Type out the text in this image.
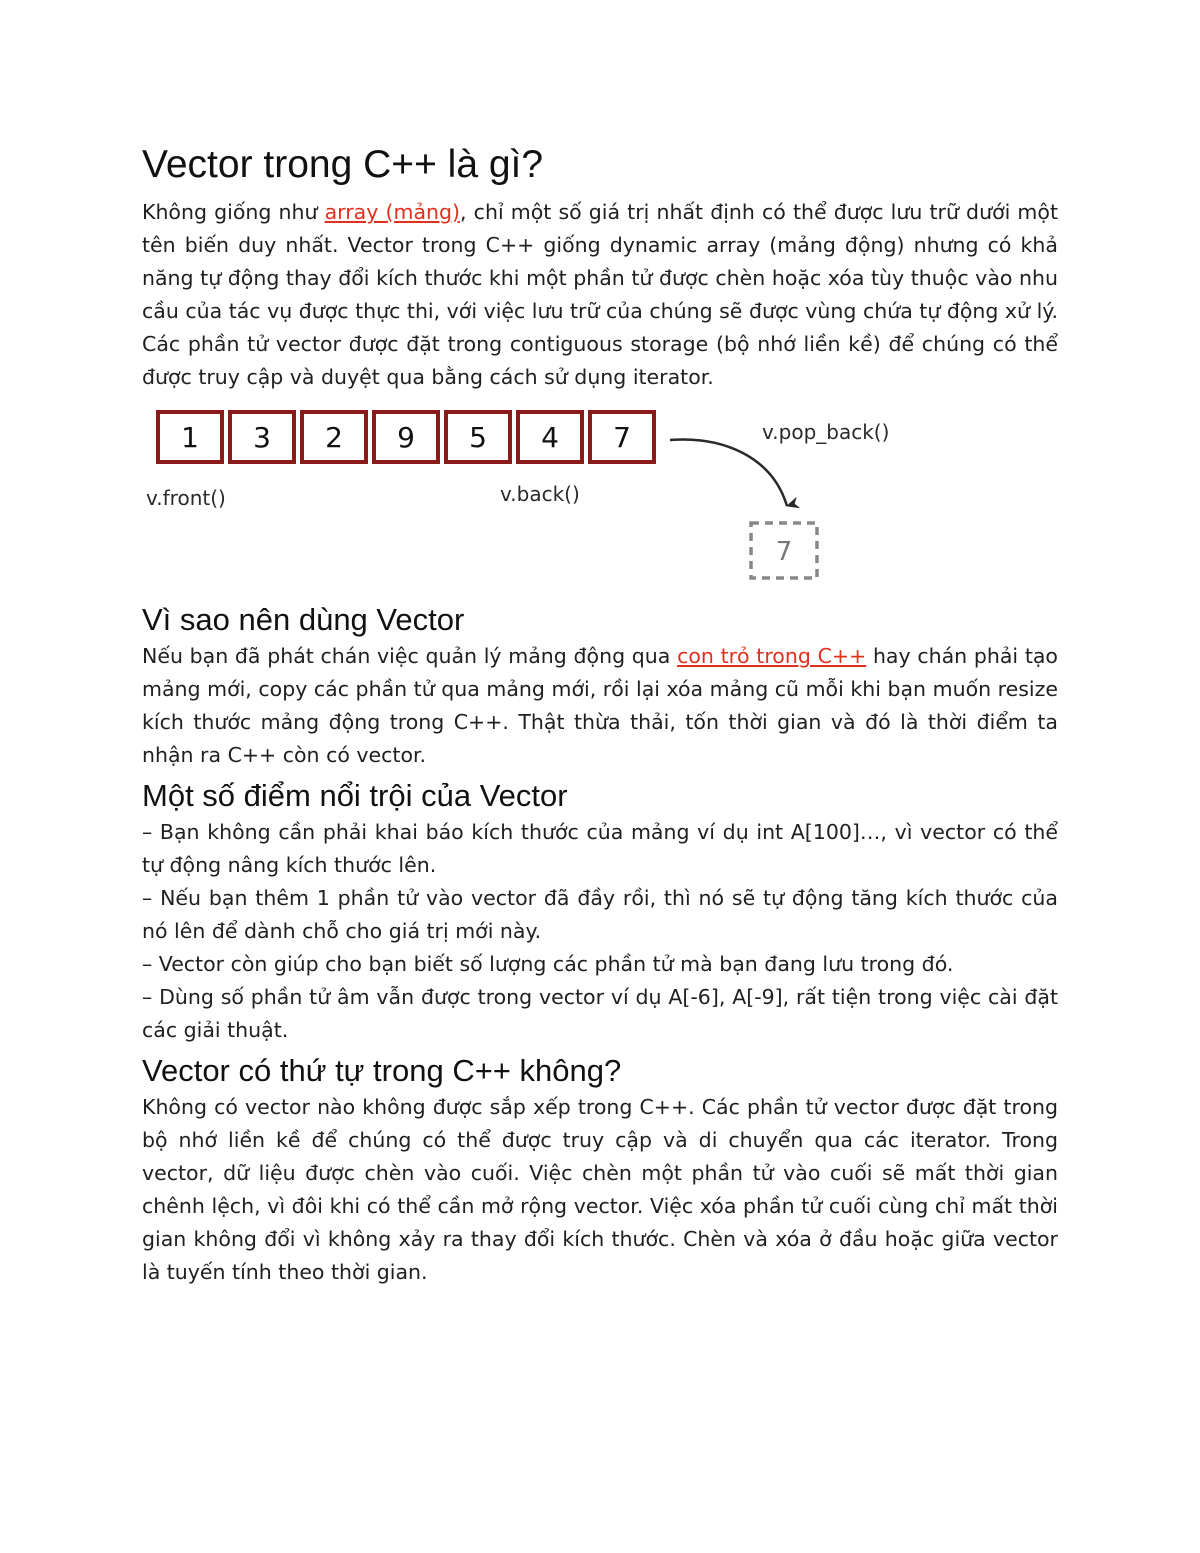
Vector trong C++ là gì?

Không giống như array (mảng), chỉ một số giá trị nhất định có thể được lưu trữ dưới một tên biến duy nhất. Vector trong C++ giống dynamic array (mảng động) nhưng có khả năng tự động thay đổi kích thước khi một phần tử được chèn hoặc xóa tùy thuộc vào nhu cầu của tác vụ được thực thi, với việc lưu trữ của chúng sẽ được vùng chứa tự động xử lý. Các phần tử vector được đặt trong contiguous storage (bộ nhớ liền kề) để chúng có thể được truy cập và duyệt qua bằng cách sử dụng iterator.

1 3 2 9 5 4 7
v.front()	v.back()
v.pop_back()
7
Vì sao nên dùng Vector

Nếu bạn đã phát chán việc quản lý mảng động qua con trỏ trong C++ hay chán phải tạo mảng mới, copy các phần tử qua mảng mới, rồi lại xóa mảng cũ mỗi khi bạn muốn resize kích thước mảng động trong C++. Thật thừa thải, tốn thời gian và đó là thời điểm ta nhận ra C++ còn có vector.

Một số điểm nổi trội của Vector

– Bạn không cần phải khai báo kích thước của mảng ví dụ int A[100]…, vì vector có thể tự động nâng kích thước lên.

– Nếu bạn thêm 1 phần tử vào vector đã đầy rồi, thì nó sẽ tự động tăng kích thước của nó lên để dành chỗ cho giá trị mới này.

– Vector còn giúp cho bạn biết số lượng các phần tử mà bạn đang lưu trong đó.

– Dùng số phần tử âm vẫn được trong vector ví dụ A[-6], A[-9], rất tiện trong việc cài đặt các giải thuật.

Vector có thứ tự trong C++ không?

Không có vector nào không được sắp xếp trong C++. Các phần tử vector được đặt trong bộ nhớ liền kề để chúng có thể được truy cập và di chuyển qua các iterator. Trong vector, dữ liệu được chèn vào cuối. Việc chèn một phần tử vào cuối sẽ mất thời gian chênh lệch, vì đôi khi có thể cần mở rộng vector. Việc xóa phần tử cuối cùng chỉ mất thời gian không đổi vì không xảy ra thay đổi kích thước. Chèn và xóa ở đầu hoặc giữa vector là tuyến tính theo thời gian.
